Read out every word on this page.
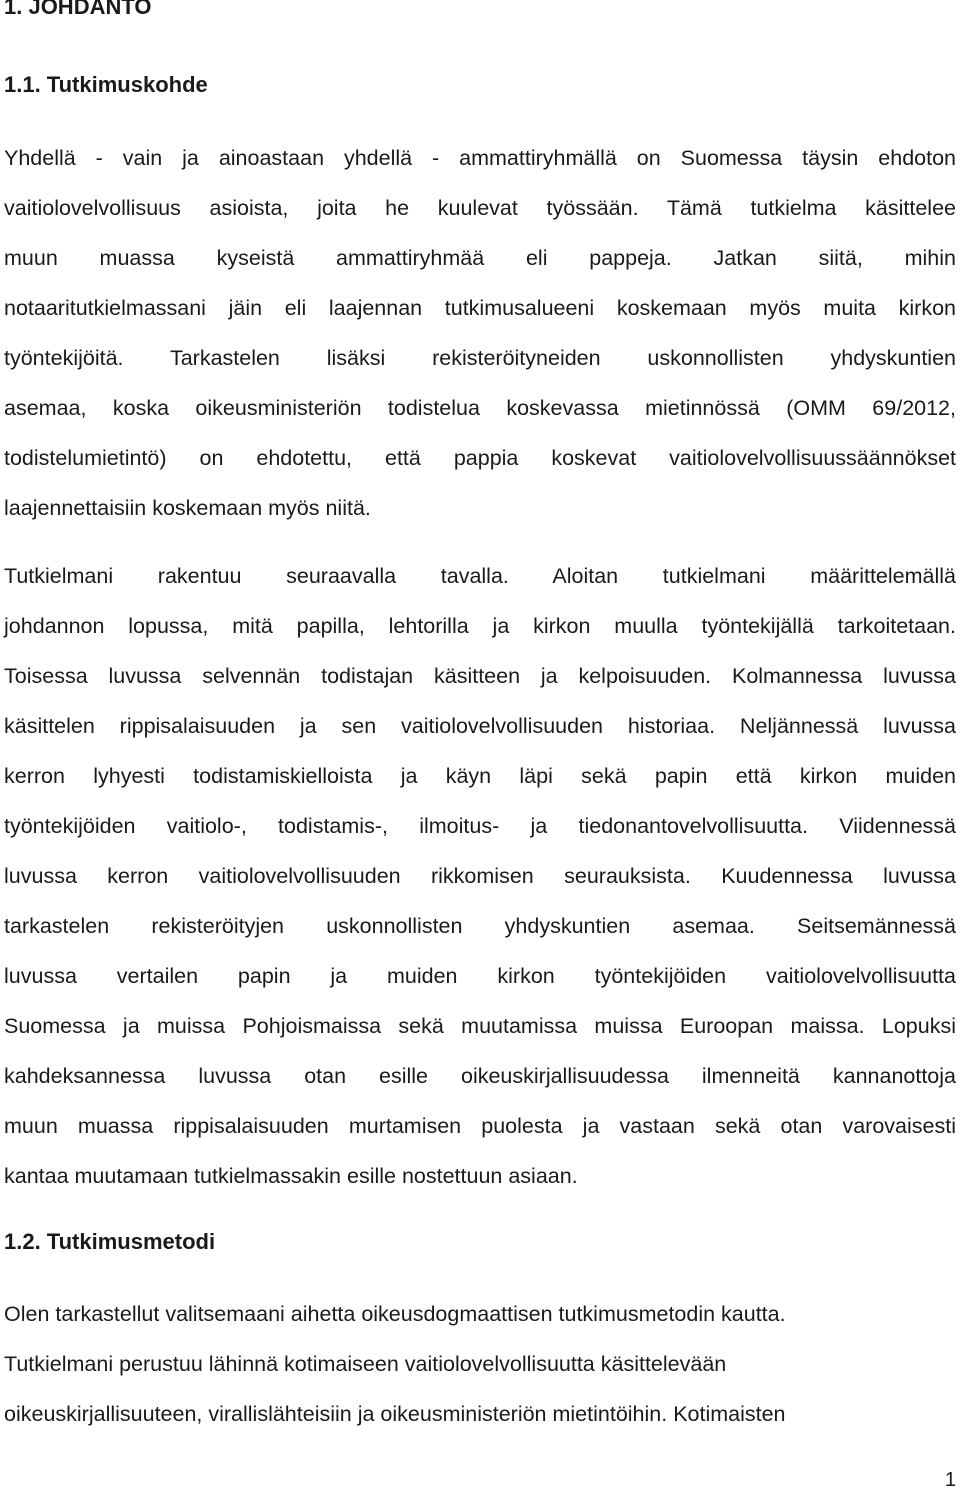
1. JOHDANTO
1.1. Tutkimuskohde
Yhdellä - vain ja ainoastaan yhdellä - ammattiryhmällä on Suomessa täysin ehdoton
vaitiolovelvollisuus asioista, joita he kuulevat työssään. Tämä tutkielma käsittelee
muun muassa kyseistä ammattiryhmää eli pappeja. Jatkan siitä, mihin
notaaritutkielmassani jäin eli laajennan tutkimusalueeni koskemaan myös muita kirkon
työntekijöitä. Tarkastelen lisäksi rekisteröityneiden uskonnollisten yhdyskuntien
asemaa, koska oikeusministeriön todistelua koskevassa mietinnössä (OMM 69/2012,
todistelumietintö) on ehdotettu, että pappia koskevat vaitiolovelvollisuussäännökset
laajennettaisiin koskemaan myös niitä.
Tutkielmani rakentuu seuraavalla tavalla. Aloitan tutkielmani määrittelemällä
johdannon lopussa, mitä papilla, lehtorilla ja kirkon muulla työntekijällä tarkoitetaan.
Toisessa luvussa selvennän todistajan käsitteen ja kelpoisuuden. Kolmannessa luvussa
käsittelen rippisalaisuuden ja sen vaitiolovelvollisuuden historiaa. Neljännessä luvussa
kerron lyhyesti todistamiskielloista ja käyn läpi sekä papin että kirkon muiden
työntekijöiden vaitiolo-, todistamis-, ilmoitus- ja tiedonantovelvollisuutta. Viidennessä
luvussa kerron vaitiolovelvollisuuden rikkomisen seurauksista. Kuudennessa luvussa
tarkastelen rekisteröityjen uskonnollisten yhdyskuntien asemaa. Seitsemännessä
luvussa vertailen papin ja muiden kirkon työntekijöiden vaitiolovelvollisuutta
Suomessa ja muissa Pohjoismaissa sekä muutamissa muissa Euroopan maissa. Lopuksi
kahdeksannessa luvussa otan esille oikeuskirjallisuudessa ilmenneitä kannanottoja
muun muassa rippisalaisuuden murtamisen puolesta ja vastaan sekä otan varovaisesti
kantaa muutamaan tutkielmassakin esille nostettuun asiaan.
1.2. Tutkimusmetodi
Olen tarkastellut valitsemaani aihetta oikeusdogmaattisen tutkimusmetodin kautta.
Tutkielmani perustuu lähinnä kotimaiseen vaitiolovelvollisuutta käsittelevään
oikeuskirjallisuuteen, virallislähteisiin ja oikeusministeriön mietintöihin. Kotimaisten
1
